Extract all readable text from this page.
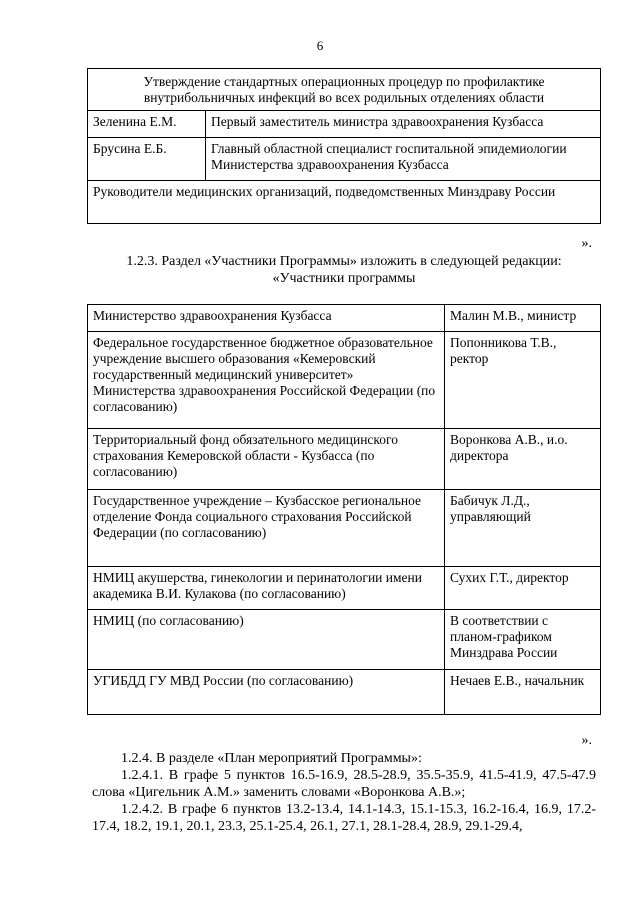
6
Утверждение стандартных операционных процедур по профилактике внутрибольничных инфекций во всех родильных отделениях области	
Зеленина Е.М.	Первый заместитель министра здравоохранения Кузбасса
Брусина Е.Б.	Главный областной специалист госпитальной эпидемиологии Министерства здравоохранения Кузбасса
Руководители медицинских организаций, подведомственных Минздраву России	
».
1.2.3. Раздел «Участники Программы» изложить в следующей редакции:
«Участники программы
Министерство здравоохранения Кузбасса	Малин М.В., министр
Федеральное государственное бюджетное образовательное учреждение высшего образования «Кемеровский государственный медицинский университет» Министерства здравоохранения Российской Федерации (по согласованию)	Попонникова Т.В., ректор
Территориальный фонд обязательного медицинского страхования Кемеровской области - Кузбасса (по согласованию)	Воронкова А.В., и.о. директора
Государственное учреждение – Кузбасское региональное отделение Фонда социального страхования Российской Федерации (по согласованию)	Бабичук Л.Д., управляющий
НМИЦ акушерства, гинекологии и перинатологии имени академика В.И. Кулакова (по согласованию)	Сухих Г.Т., директор
НМИЦ (по согласованию)	В соответствии с планом-графиком Минздрава России
УГИБДД ГУ МВД России (по согласованию)	Нечаев Е.В., начальник
».
1.2.4. В разделе «План мероприятий Программы»:
1.2.4.1. В графе 5 пунктов 16.5-16.9, 28.5-28.9, 35.5-35.9, 41.5-41.9, 47.5-47.9 слова «Цигельник А.М.» заменить словами «Воронкова А.В.»;
1.2.4.2. В графе 6 пунктов 13.2-13.4, 14.1-14.3, 15.1-15.3, 16.2-16.4, 16.9, 17.2-17.4, 18.2, 19.1, 20.1, 23.3, 25.1-25.4, 26.1, 27.1, 28.1-28.4, 28.9, 29.1-29.4,
